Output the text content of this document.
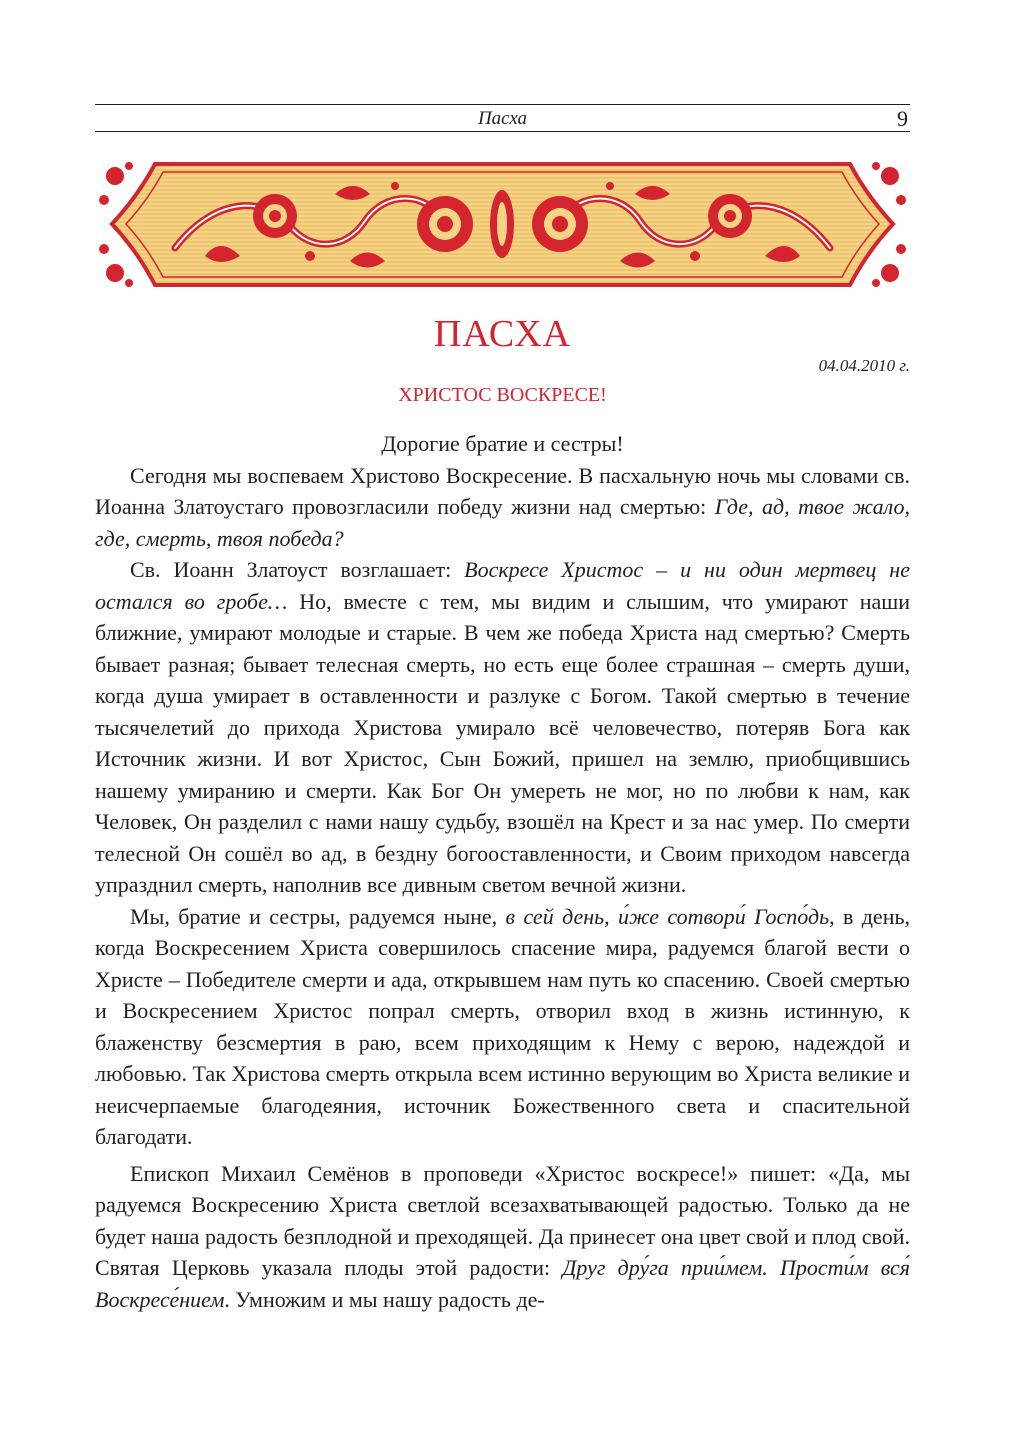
Пасха	9
ПАСХА
04.04.2010 г.
ХРИСТОС ВОСКРЕСЕ!

Дорогие братие и сестры!

Сегодня мы воспеваем Христово Воскресение. В пасхальную ночь мы словами св. Иоанна Златоустаго провозгласили победу жизни над смертью: Где, ад, твое жало, где, смерть, твоя победа?

Св. Иоанн Златоуст возглашает: Воскресе Христос – и ни один мертвец не остался во гробе… Но, вместе с тем, мы видим и слышим, что умирают наши ближние, умирают молодые и старые. В чем же победа Христа над смертью? Смерть бывает разная; бывает телесная смерть, но есть еще более страшная – смерть души, когда душа умирает в оставленности и разлуке с Богом. Такой смертью в течение тысячелетий до прихода Христова умирало всё человечество, потеряв Бога как Источник жизни. И вот Христос, Сын Божий, пришел на землю, приобщившись нашему умиранию и смерти. Как Бог Он умереть не мог, но по любви к нам, как Человек, Он разделил с нами нашу судьбу, взошёл на Крест и за нас умер. По смерти телесной Он сошёл во ад, в бездну богооставленности, и Своим приходом навсегда упразднил смерть, наполнив все дивным светом вечной жизни.

Мы, братие и сестры, радуемся ныне, в сей день, и́же сотвори́ Госпо́дь, в день, когда Воскресением Христа совершилось спасение мира, радуемся благой вести о Христе – Победителе смерти и ада, открывшем нам путь ко спасению. Своей смертью и Воскресением Христос попрал смерть, отворил вход в жизнь истинную, к блаженству безсмертия в раю, всем приходящим к Нему с верою, надеждой и любовью. Так Христова смерть открыла всем истинно верующим во Христа великие и неисчерпаемые благодеяния, источник Божественного света и спасительной благодати.

Епископ Михаил Семёнов в проповеди «Христос воскресе!» пишет: «Да, мы радуемся Воскресению Христа светлой всезахватывающей радостью. Только да не будет наша радость безплодной и преходящей. Да принесет она цвет свой и плод свой. Святая Церковь указала плоды этой радости: Друг дру́га прии́мем. Прости́м вся́ Воскресе́нием. Умножим и мы нашу радость де-
